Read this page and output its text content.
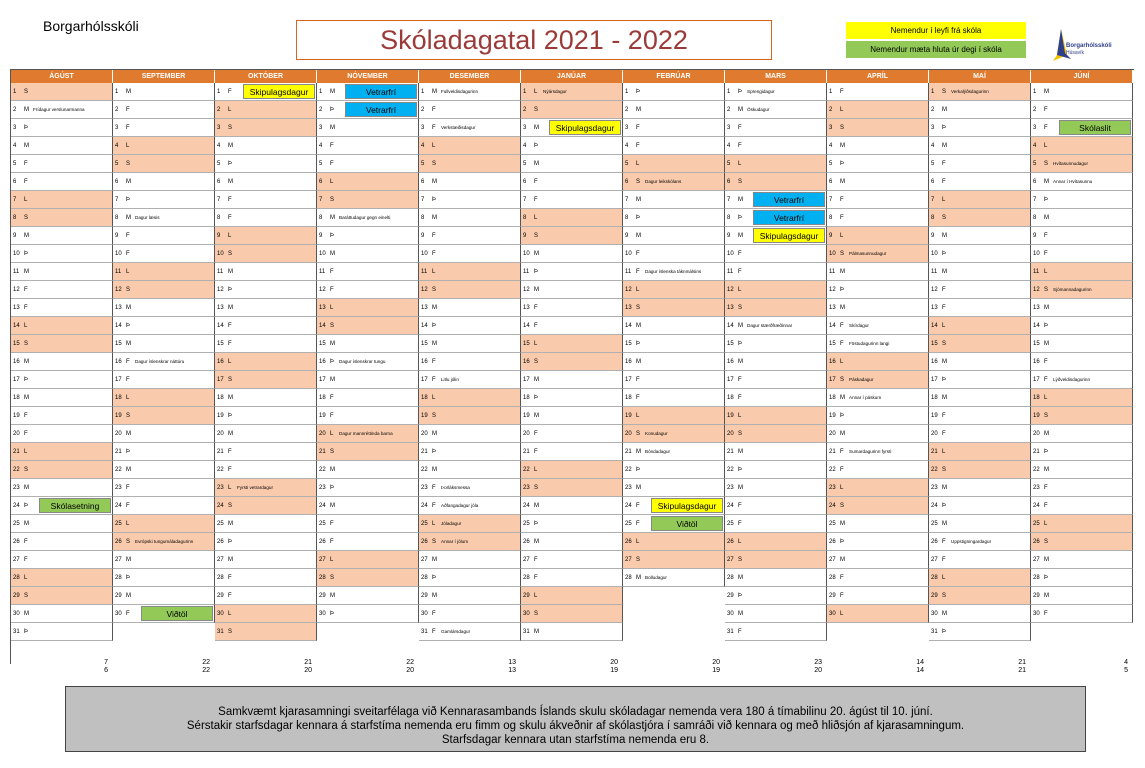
Borgarhólsskóli	Skóladagatal 2021 - 2022	Nemendur í leyfi frá skóla
Nemendur mæta hluta úr degi í skóla	Borgarhólsskóli
Húsavík
ÁGÚST
1	S
2	M Frídagur verslunarmanna
3	Þ
4	M
5	F
6	F
7	L
8	S
9	M
10 Þ
11 M
12 F
13 F
14 L
15 S
16 M
17 Þ
18 M
19 F
20 F
21 L
22 S
23 M
24 Þ
25 M
26 F
27 F
28 L
29 S
30 M
31 Þ
Skólasetning
SEPTEMBER
1	M
2	F
3	F
4	L
5	S
6	M
7	Þ
8	M Dagur læsis
9	F
10 F
11 L
12 S
13 M
14 Þ
15 M
16 F	Dagur íslenskrar náttúru
17 F
18 L
19 S
20 M
21 Þ
22 M
23 F
24 F
25 L
26 S	Evrópski tungumáladagurinn
27 M
28 Þ
29 M
30 F	Viðtöl
OKTÓBER
1	F
2	L
3	S
4	M
5	Þ
6	M
7	F
8	F
9	L
10 S
11 M
12 Þ
13 M
14 F
15 F
16 L
17 S
18 M
19 Þ
20 M
21 F
22 F
23 L	Fyrsti vetrardagur
24 S
25 M
26 Þ
27 M
28 F
29 F
30 L
31 S
Skipulagsdagur
NÓVEMBER
1	M
2	Þ
3	M
4	F
5	F
6	L
7	S
8	M Baráttudagur gegn einelti
9	Þ
10 M
11 F
12 F
13 L
14 S
15 M
16 Þ	Dagur íslenskrar tungu
17 M
18 F
19 F
20 L	Dagur mannréttinda barna
21 S
22 M
23 Þ
24 M
25 F
26 F
27 L
28 S
29 M
30 Þ
Vetrarfrí
Vetrarfrí
DESEMBER
1	M Fullveldisdagurinn
2	F
3	F	Verkstæðisdagur
4	L
5	S
6	M
7	Þ
8	M
9	F
10 F
11 L
12 S
13 M
14 Þ
15 M
16 F
17 F	Litlu jólin
18 L
19 S
20 M
21 Þ
22 M
23 F	Þorláksmessa
24 F	Aðfangadagur jóla
25 L	Jóladagur
26 S	Annar í jólum
27 M
28 Þ
29 M
30 F
31 F	Gamlársdagur
JANÚAR
1	L	Nýársdagur
2	S
3	M
4	Þ
5	M
6	F
7	F
8	L
9	S
10 M
11 Þ
12 M
13 F
14 F
15 L
16 S
17 M
18 Þ
19 M
20 F
21 F
22 L
23 S
24 M
25 Þ
26 M
27 F
28 F
29 L
30 S
31 M
Skipulagsdagur
FEBRÚAR
1	Þ
2	M
3	F
4	F
5	L
6	S	Dagur leikskólans
7	M
8	Þ
9	M
10 F
11 F	Dagur íslenska táknmálsins
12 L
13 S
14 M
15 Þ
16 M
17 F
18 F
19 L
20 S	Konudagur
21 M Bóndadagur
22 Þ
23 M
24 F
25 F
26 L
27 S
28 M Bolludagur
Skipulagsdagur
Viðtöl
MARS
1	Þ	Sprengidagur
2	M Öskudagur
3	F
4	F
5	L
6	S
7	M
8	Þ
9	M
10 F
11 F
12 L
13 S
14 M Dagur stærðfræðinnar
15 Þ
16 M
17 F
18 F
19 L
20 S
21 M
22 Þ
23 M
24 F
25 F
26 L
27 S
28 M
29 Þ
30 M
31 F
Vetrarfrí
Vetrarfrí
Skipulagsdagur
APRÍL
1	F
2	L
3	S
4	M
5	Þ
6	M
7	F
8	F
9	L
10 S	Pálmasunnudagur
11 M
12 Þ
13 M
14 F	Skírdagur
15 F	Föstudagurinn langi
16 L
17 S	Páskadagur
18 M Annar í páskum
19 Þ
20 M
21 F	Sumardagurinn fyrsti
22 F
23 L
24 S
25 M
26 Þ
27 M
28 F
29 F
30 L
MAÍ
1	S	Verkalýðsdagurinn
2	M
3	Þ
4	M
5	F
6	F
7	L
8	S
9	M
10 Þ
11 M
12 F
13 F
14 L
15 S
16 M
17 Þ
18 M
19 F
20 F
21 L
22 S
23 M
24 Þ
25 M
26 F	Uppstigningardagur
27 F
28 L
29 S
30 M
31 Þ
JÚNÍ
1	M
2	F
3	F
4	L
5	S	Hvítasunnudagur
6	M Annar í Hvítasunnu
7	Þ
8	M
9	F
10 F
11 L
12 S	Sjómannadagurinn
13 M
14 Þ
15 M
16 F
17 F	Lýðveldisdagurinn
18 L
19 S
20 M
21 Þ
22 M
23 F
24 F
25 L
26 S
27 M
28 Þ
29 M
30 F
Skólaslit
Samkvæmt kjarasamningi sveitarfélaga við Kennarasambands Íslands skulu skóladagar nemenda vera 180 á tímabilinu 20. ágúst til 10. júní.
Sérstakir starfsdagar kennara á starfstíma nemenda eru fimm og skulu ákveðnir af skólastjóra í samráði við kennara og með hliðsjón af kjarasamningum.
Starfsdagar kennara utan starfstíma nemenda eru 8.
7
6
22
22
21
20
22
20
13
13
20
19
20
19
23
20
14
14
21
21
4
5
